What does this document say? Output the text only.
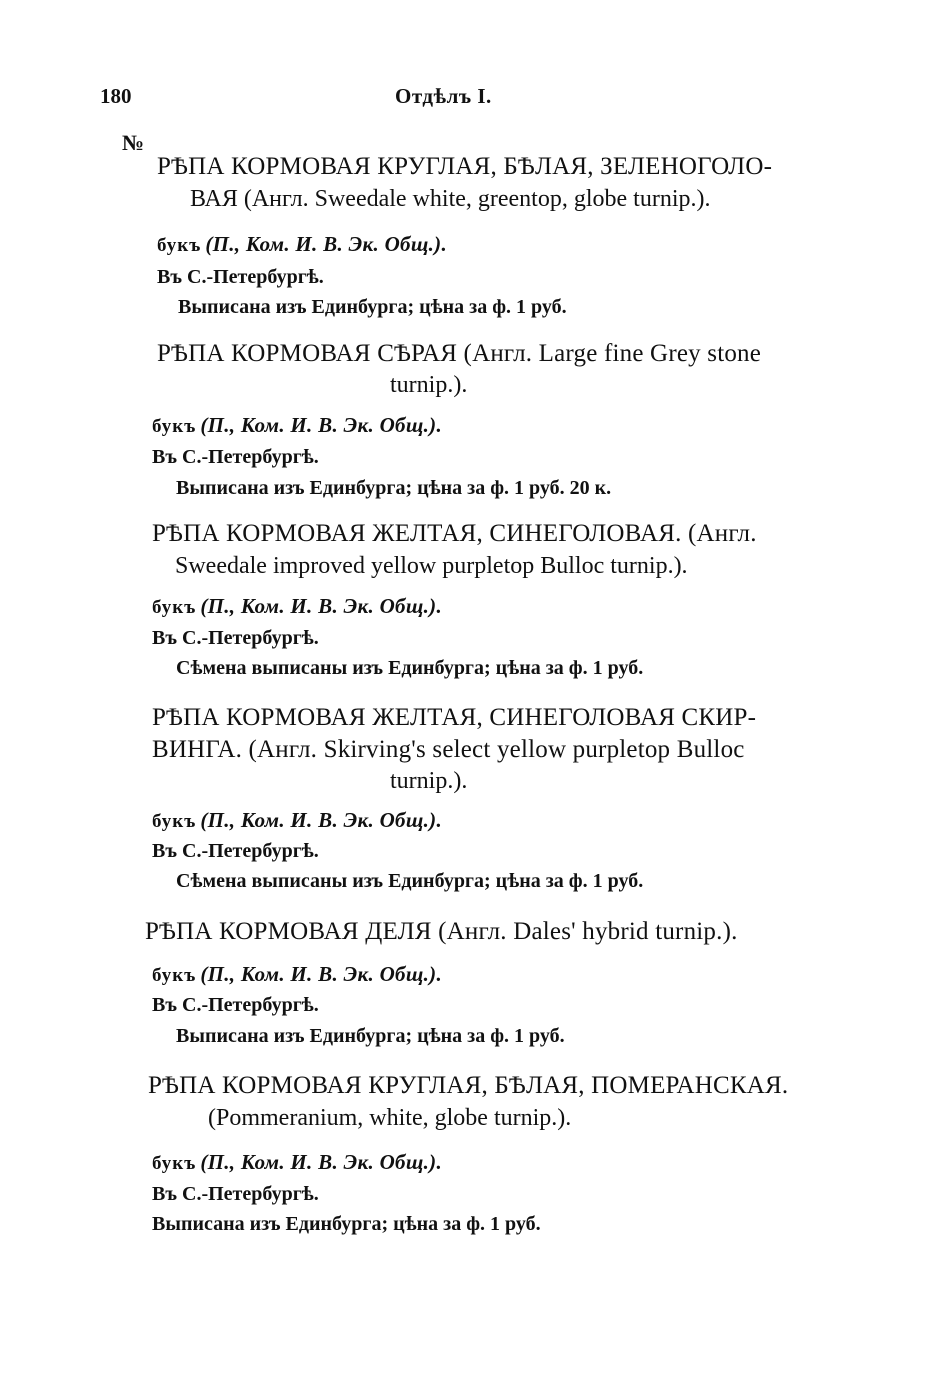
180	Отдѣлъ I.
№
РѢПА КОРМОВАЯ КРУГЛАЯ, БѢЛАЯ, ЗЕЛЕНОГОЛО-
ВАЯ (Англ. Sweedale white, greentop, globe turnip.).
букъ (П., Ком. И. В. Эк. Общ.).
Въ С.-Петербургѣ.
Выписана изъ Единбурга; цѣна за ф. 1 руб.
РѢПА КОРМОВАЯ СѢРАЯ (Англ. Large fine Grey stone
turnip.).
букъ (П., Ком. И. В. Эк. Общ.).
Въ С.-Петербургѣ.
Выписана изъ Единбурга; цѣна за ф. 1 руб. 20 к.
РѢПА КОРМОВАЯ ЖЕЛТАЯ, СИНЕГОЛОВАЯ. (Англ.
Sweedale improved yellow purpletop Bulloc turnip.).
букъ (П., Ком. И. В. Эк. Общ.).
Въ С.-Петербургѣ.
Сѣмена выписаны изъ Единбурга; цѣна за ф. 1 руб.
РѢПА КОРМОВАЯ ЖЕЛТАЯ, СИНЕГОЛОВАЯ СКИР-
ВИНГА. (Англ. Skirving's select yellow purpletop Bulloc
turnip.).
букъ (П., Ком. И. В. Эк. Общ.).
Въ С.-Петербургѣ.
Сѣмена выписаны изъ Единбурга; цѣна за ф. 1 руб.
РѢПА КОРМОВАЯ ДЕЛЯ (Англ. Dales' hybrid turnip.).
букъ (П., Ком. И. В. Эк. Общ.).
Въ С.-Петербургѣ.
Выписана изъ Единбурга; цѣна за ф. 1 руб.
РѢПА КОРМОВАЯ КРУГЛАЯ, БѢЛАЯ, ПОМЕРАНСКАЯ.
(Pommeranium, white, globe turnip.).
букъ (П., Ком. И. В. Эк. Общ.).
Въ С.-Петербургѣ.
Выписана изъ Единбурга; цѣна за ф. 1 руб.
